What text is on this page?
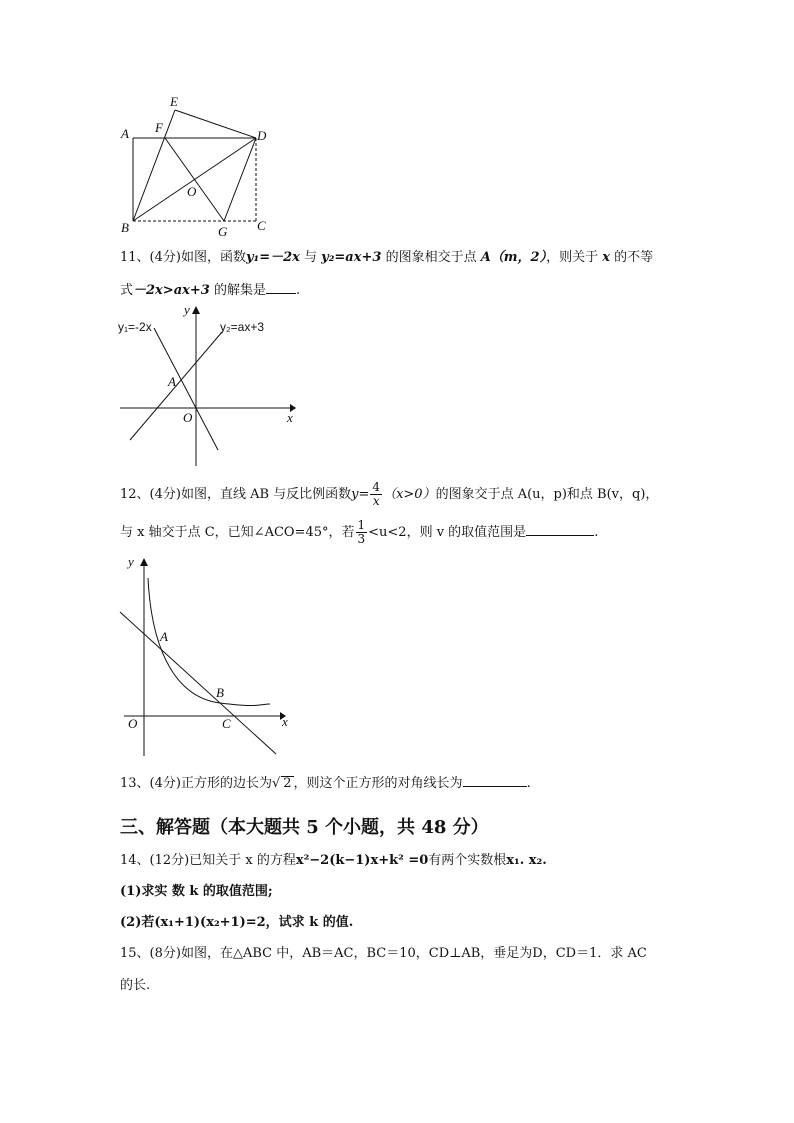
E
F
A	D
O
B	G C
11、(4分)如图，函数y₁=－2x 与 y₂=ax+3 的图象相交于点 A（m，2），则关于 x 的不等
式－2x>ax+3 的解集是 .
y₁=-2x	y₂=ax+3
y
x
A
O
12、(4分)如图，直线 AB 与反比例函数$y= \frac{4}{x} (x>0)$的图象交于点 A(u，p)和点 B(v，q)，
与 x 轴交于点 C，已知∠ACO=45°，若 $\frac{1}{3} <u<2$，则 v 的取值范围是	.
y
x
A
B
C
O
13、(4分)正方形的边长为√ 2 ，则这个正方形的对角线长为	.
三、解答题（本大题共 5 个小题，共 48 分）
14、(12分)已知关于 x 的方程x²−2(k−1)x+k² =0有两个实数根x₁. x₂.
(1)求实 数 k 的取值范围;
(2)若(x₁+1)(x₂+1)=2，试求 k 的值.
15、(8分)如图，在△ABC 中，AB＝AC，BC＝10，CD⊥AB，垂足为D，CD＝1．求 AC
的长.
